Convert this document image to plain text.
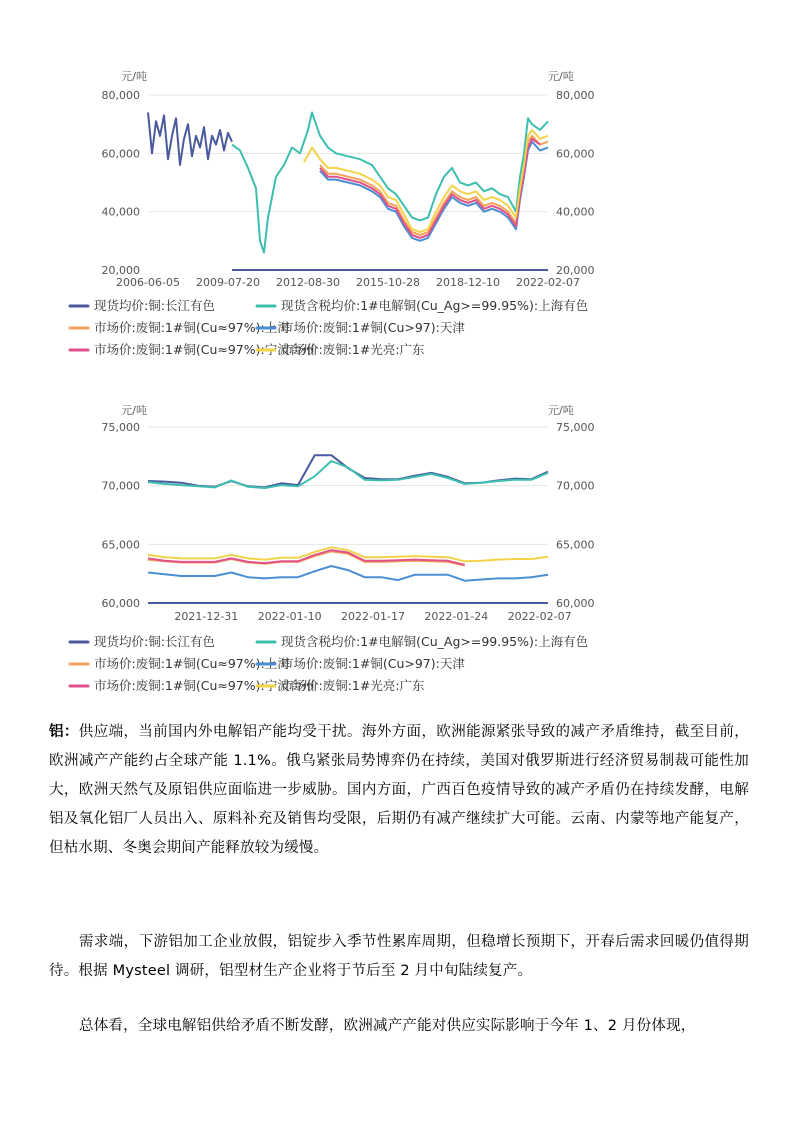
80,000	80,000
60,000	60,000
40,000	40,000
20,000	20,000
元/吨	元/吨
2006-06-05 2009-07-20 2012-08-30 2015-10-28 2018-12-10 2022-02-07
现货均价:铜:长江有色	现货含税均价:1#电解铜(Cu_Ag>=99.95%):上海有色
市场价:废铜:1#铜(Cu≈97%):上海
市场价:废铜:1#铜(Cu>97):天津
市场价:废铜:1#铜(Cu≈97%):宁波台州
市场价:废铜:1#光亮:广东
75,000	75,000
70,000	70,000
65,000	65,000
60,000	60,000
元/吨	元/吨
2021-12-31 2022-01-10 2022-01-17 2022-01-24 2022-02-07
现货均价:铜:长江有色	现货含税均价:1#电解铜(Cu_Ag>=99.95%):上海有色
市场价:废铜:1#铜(Cu≈97%):上海
市场价:废铜:1#铜(Cu>97):天津
市场价:废铜:1#铜(Cu≈97%):宁波台州
市场价:废铜:1#光亮:广东

铝：供应端，当前国内外电解铝产能均受干扰。海外方面，欧洲能源紧张导致的减产矛盾维持，截至目前，欧洲减产产能约占全球产能 1.1%。俄乌紧张局势博弈仍在持续，美国对俄罗斯进行经济贸易制裁可能性加大，欧洲天然气及原铝供应面临进一步威胁。国内方面，广西百色疫情导致的减产矛盾仍在持续发酵，电解铝及氧化铝厂人员出入、原料补充及销售均受限，后期仍有减产继续扩大可能。云南、内蒙等地产能复产，但枯水期、冬奥会期间产能释放较为缓慢。

需求端，下游铝加工企业放假，铝锭步入季节性累库周期，但稳增长预期下，开春后需求回暖仍值得期待。根据 Mysteel 调研，铝型材生产企业将于节后至 2 月中旬陆续复产。

总体看，全球电解铝供给矛盾不断发酵，欧洲减产产能对供应实际影响于今年 1、2 月份体现，
